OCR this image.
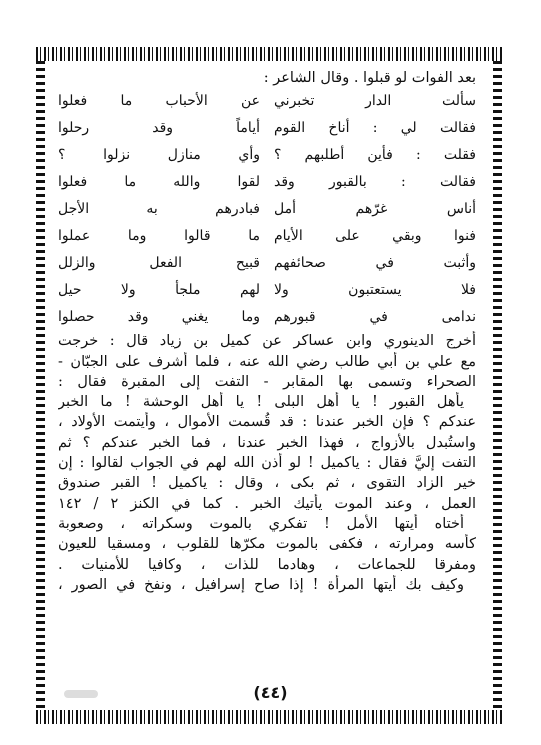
بعد الفوات لو قبلوا . وقال الشاعر :
سألت الدار تخبرني
عن الأحباب ما فعلوا
فقالت لي : أناخ القوم
أياماً وقد رحلوا
فقلت : فأين أطلبهم ؟
وأي منازل نزلوا ؟
فقالت : بالقبور وقد
لقوا والله ما فعلوا
أناس غرّهم أمل
فبادرهم به الأجل
فنوا وبقي على الأيام
ما قالوا وما عملوا
وأثبت في صحائفهم
قبيح الفعل والزلل
فلا يستعتبون ولا
لهم ملجأ ولا حيل
ندامى في قبورهم
وما يغني وقد حصلوا
أخرج الدينوري وابن عساكر عن كميل بن زياد قال : خرجت
مع علي بن أبي طالب رضي الله عنه ، فلما أشرف على الجبّان -
الصحراء وتسمى بها المقابر - التفت إلى المقبرة فقال :
يأهل القبور ! يا أهل البلى ! يا أهل الوحشة ! ما الخبر
عندكم ؟ فإن الخبر عندنا : قد قُسمت الأموال ، وأيتمت الأولاد ،
واستُبدل بالأزواج ، فهذا الخبر عندنا ، فما الخبر عندكم ؟ ثم
التفت إليَّ فقال : ياكميل ! لو أذن الله لهم في الجواب لقالوا : إن
خير الزاد التقوى ، ثم بكى ، وقال : ياكميل ! القبر صندوق
العمل ، وعند الموت يأتيك الخبر . كما في الكنز ٢ / ١٤٢
أختاه أيتها الأمل ! تفكري بالموت وسكراته ، وصعوبة
كأسه ومرارته ، فكفى بالموت مكرّها للقلوب ، ومسقيا للعيون
ومفرقا للجماعات ، وهادما للذات ، وكافيا للأمنيات .
وكيف بك أيتها المرأة ! إذا صاح إسرافيل ، ونفخ في الصور ،
(٤٤)
